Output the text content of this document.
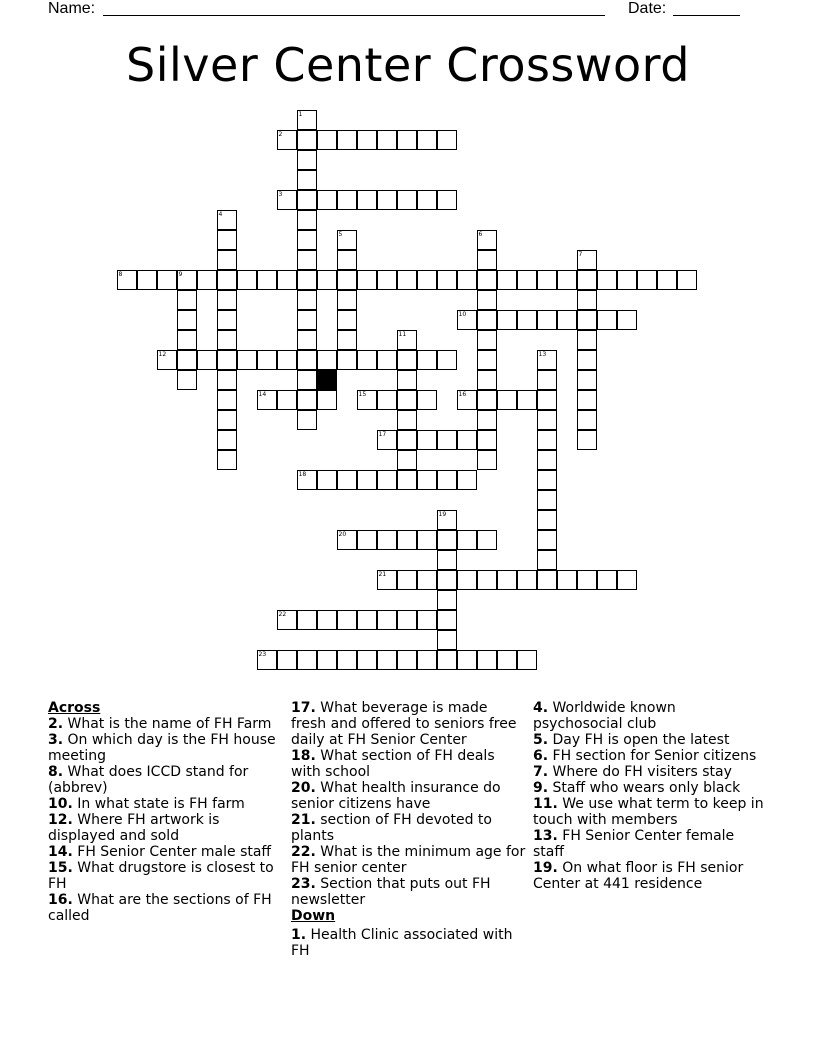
Name:	Date:
Silver Center Crossword
1
2
3
4
5	6
7
8	9
10
11
12	13
14	15	16
17
18
19
20
21
22
23
Across
2. What is the name of FH Farm
3. On which day is the FH house meeting
8. What does ICCD stand for (abbrev)
10. In what state is FH farm
12. Where FH artwork is displayed and sold
14. FH Senior Center male staff
15. What drugstore is closest to FH
16. What are the sections of FH called
17. What beverage is made fresh and offered to seniors free daily at FH Senior Center
18. What section of FH deals with school
20. What health insurance do senior citizens have
21. section of FH devoted to plants
22. What is the minimum age for FH senior center
23. Section that puts out FH newsletter
Down
1. Health Clinic associated with FH
4. Worldwide known psychosocial club
5. Day FH is open the latest
6. FH section for Senior citizens
7. Where do FH visiters stay
9. Staff who wears only black
11. We use what term to keep in touch with members
13. FH Senior Center female staff
19. On what floor is FH senior Center at 441 residence
